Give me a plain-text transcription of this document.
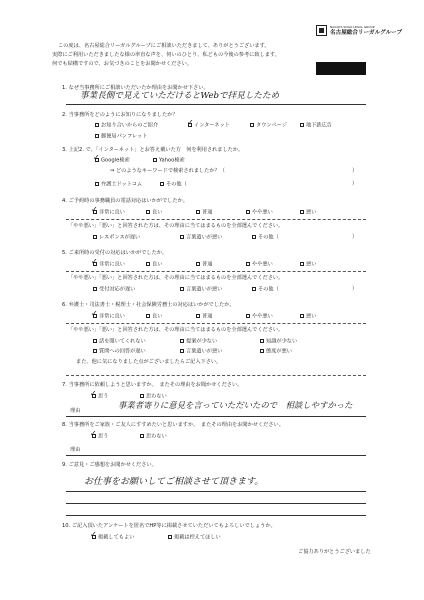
NAGOYA SOGO LEGAL GROUP
名古屋総合リーガルグループ
この度は、名古屋総合リーガルグループにご相談いただきまして、ありがとうございます。
実際にご利用いただきましたな様の率直な声を、伺いのひとり、私どもの今後の参考に致します。
何でも結構ですので、お気づきのことをお聞かせください。
1. なぜ当事務所にご相談いただいたか理由をお聞かせ下さい。
事業長側で見えていただけるとWebで拝見したため
2. 当事務所をどのようにお知りになりましたか？
お知り合いからのご紹介	インターネット
✓	タウンページ	地下鉄広告
郵便局パンフレット
3. 上記2. で、「インターネット」とお答え戴いた方　何を利用されましたか。
Google検索
✓	Yahoo検索
⇒ どのようなキーワードで検索されましたか？（	）
弁護士ドットコム	その他（	）
4. ご予約時の事務職員の電話対応はいかがでしたか。
非常に良い
✓	良い	普通	やや悪い	悪い
「やや悪い」「悪い」と回答された方は、その理由に当てはまるものを全部選んでください。
レスポンスが遅い	言葉遣いが悪い	その他（	）
5. ご来所時の受付の対応はいかがでしたか。
非常に良い
✓	良い	普通	やや悪い	悪い
「やや悪い」「悪い」と回答された方は、その理由に当てはまるものを全部選んでください。
受付対応が遅い	言葉遣いが悪い	その他（	）
6. 弁護士・司法書士・税理士・社会保険労務士の対応はいかがでしたか。
非常に良い
✓	良い	普通	やや悪い	悪い
「やや悪い」「悪い」と回答された方は、その理由に当てはまるものを全部選んでください。
話を聞いてくれない	提案が少ない	知識が少ない
質問への回答が遅い	言葉遣いが悪い	態度が悪い
また、他に気になりました点がございましたらご記入下さい。
7. 当事務所に依頼しようと思いますか。　またその理由をお聞かせください。
思う
✓	思わない
理由
事業者寄りに意見を言っていただいたので　相談しやすかった
8. 当事務所をご家族・ご友人にすすめたいと思いますか。　またその理由をお聞かせください。
思う
✓	思わない
理由
9. ご意見・ご感想をお聞かせください。
お仕事をお願いしてご相談させて頂きます。
10. ご記入頂いたアンケートを匿名でHP等に掲載させていただいてもよろしいでしょうか。
掲載してもよい
✓	掲載は控えてほしい
ご協力ありがとうございました
